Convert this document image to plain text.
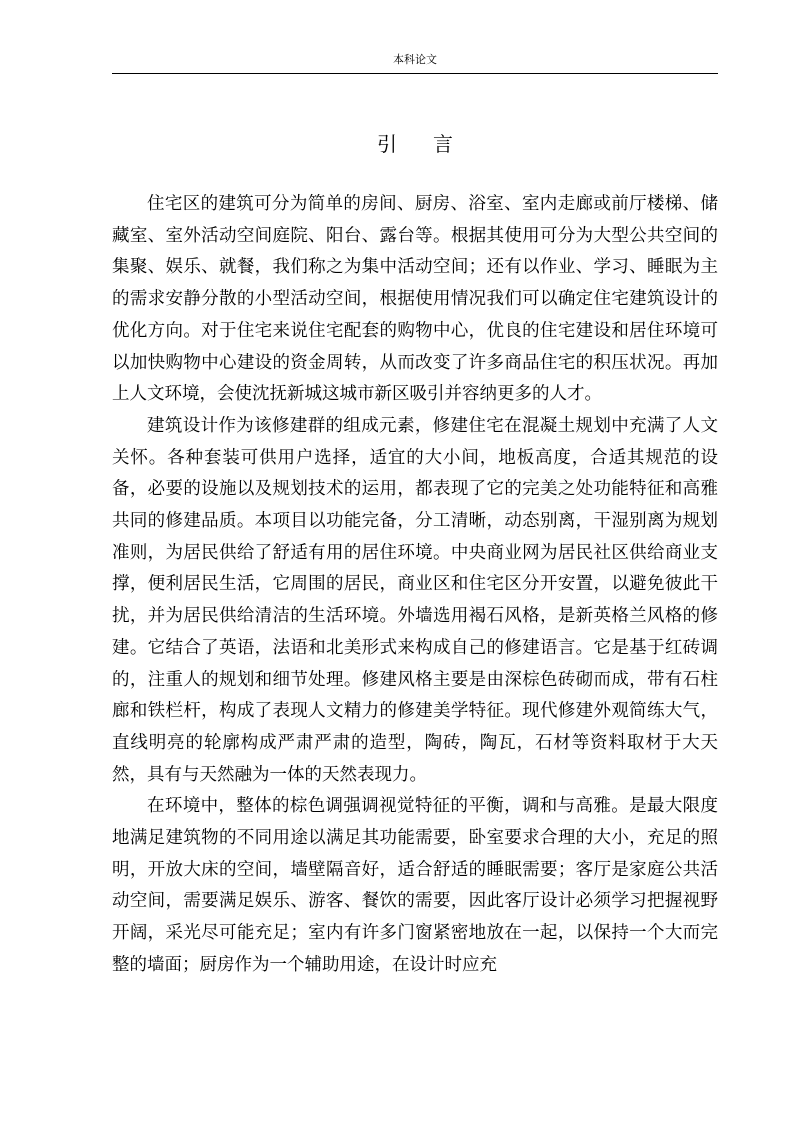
本科论文
引言

住宅区的建筑可分为简单的房间、厨房、浴室、室内走廊或前厅楼梯、储藏室、室外活动空间庭院、阳台、露台等。根据其使用可分为大型公共空间的集聚、娱乐、就餐，我们称之为集中活动空间；还有以作业、学习、睡眠为主的需求安静分散的小型活动空间，根据使用情况我们可以确定住宅建筑设计的优化方向。对于住宅来说住宅配套的购物中心，优良的住宅建设和居住环境可以加快购物中心建设的资金周转，从而改变了许多商品住宅的积压状况。再加上人文环境，会使沈抚新城这城市新区吸引并容纳更多的人才。

建筑设计作为该修建群的组成元素，修建住宅在混凝土规划中充满了人文关怀。各种套装可供用户选择，适宜的大小间，地板高度，合适其规范的设备，必要的设施以及规划技术的运用，都表现了它的完美之处功能特征和高雅共同的修建品质。本项目以功能完备，分工清晰，动态别离，干湿别离为规划准则，为居民供给了舒适有用的居住环境。中央商业网为居民社区供给商业支撑，便利居民生活，它周围的居民，商业区和住宅区分开安置，以避免彼此干扰，并为居民供给清洁的生活环境。外墙选用褐石风格，是新英格兰风格的修建。它结合了英语，法语和北美形式来构成自己的修建语言。它是基于红砖调的，注重人的规划和细节处理。修建风格主要是由深棕色砖砌而成，带有石柱廊和铁栏杆，构成了表现人文精力的修建美学特征。现代修建外观简练大气，直线明亮的轮廓构成严肃严肃的造型，陶砖，陶瓦，石材等资料取材于大天然，具有与天然融为一体的天然表现力。

在环境中，整体的棕色调强调视觉特征的平衡，调和与高雅。是最大限度地满足建筑物的不同用途以满足其功能需要，卧室要求合理的大小，充足的照明，开放大床的空间，墙壁隔音好，适合舒适的睡眠需要；客厅是家庭公共活动空间，需要满足娱乐、游客、餐饮的需要，因此客厅设计必须学习把握视野开阔，采光尽可能充足；室内有许多门窗紧密地放在一起，以保持一个大而完整的墙面；厨房作为一个辅助用途，在设计时应充
